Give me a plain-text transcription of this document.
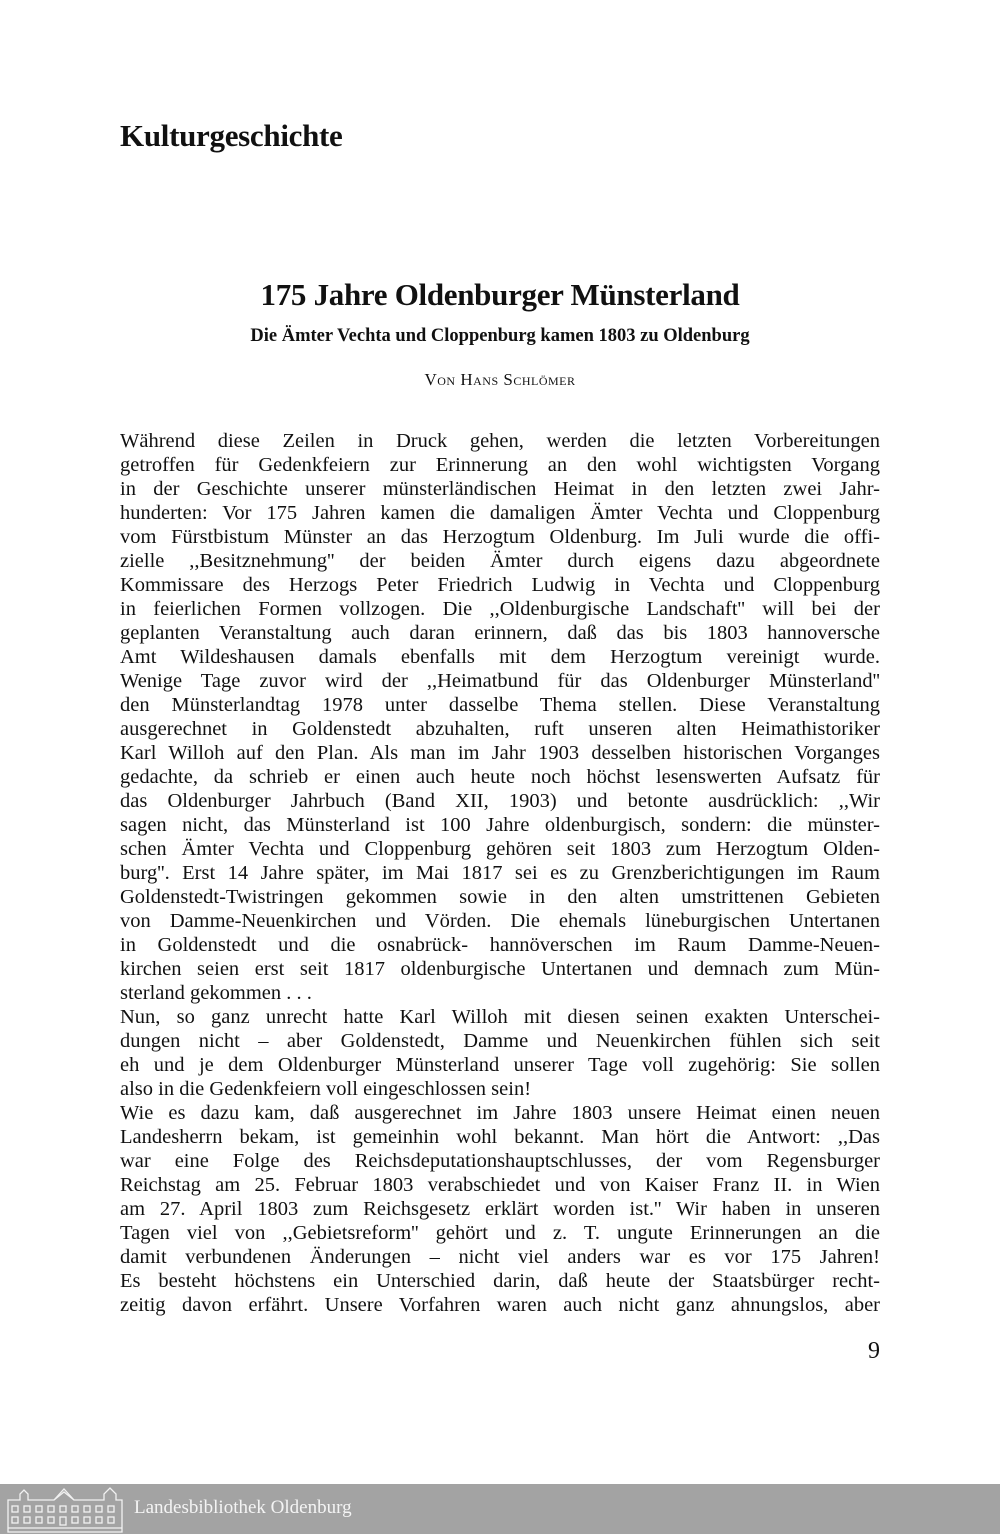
Kulturgeschichte
175 Jahre Oldenburger Münsterland
Die Ämter Vechta und Cloppenburg kamen 1803 zu Oldenburg
Von Hans Schlömer
Während diese Zeilen in Druck gehen, werden die letzten Vorbereitungen
getroffen für Gedenkfeiern zur Erinnerung an den wohl wichtigsten Vorgang
in der Geschichte unserer münsterländischen Heimat in den letzten zwei Jahr-
hunderten: Vor 175 Jahren kamen die damaligen Ämter Vechta und Cloppenburg
vom Fürstbistum Münster an das Herzogtum Oldenburg. Im Juli wurde die offi-
zielle ,,Besitznehmung'' der beiden Ämter durch eigens dazu abgeordnete
Kommissare des Herzogs Peter Friedrich Ludwig in Vechta und Cloppenburg
in feierlichen Formen vollzogen. Die ,,Oldenburgische Landschaft'' will bei der
geplanten Veranstaltung auch daran erinnern, daß das bis 1803 hannoversche
Amt Wildeshausen damals ebenfalls mit dem Herzogtum vereinigt wurde.
Wenige Tage zuvor wird der ,,Heimatbund für das Oldenburger Münsterland''
den Münsterlandtag 1978 unter dasselbe Thema stellen. Diese Veranstaltung
ausgerechnet in Goldenstedt abzuhalten, ruft unseren alten Heimathistoriker
Karl Willoh auf den Plan. Als man im Jahr 1903 desselben historischen Vorganges
gedachte, da schrieb er einen auch heute noch höchst lesenswerten Aufsatz für
das Oldenburger Jahrbuch (Band XII, 1903) und betonte ausdrücklich: ,,Wir
sagen nicht, das Münsterland ist 100 Jahre oldenburgisch, sondern: die münster-
schen Ämter Vechta und Cloppenburg gehören seit 1803 zum Herzogtum Olden-
burg''. Erst 14 Jahre später, im Mai 1817 sei es zu Grenzberichtigungen im Raum
Goldenstedt-Twistringen gekommen sowie in den alten umstrittenen Gebieten
von Damme-Neuenkirchen und Vörden. Die ehemals lüneburgischen Untertanen
in Goldenstedt und die osnabrück- hannöverschen im Raum Damme-Neuen-
kirchen seien erst seit 1817 oldenburgische Untertanen und demnach zum Mün-
sterland gekommen . . .
Nun, so ganz unrecht hatte Karl Willoh mit diesen seinen exakten Unterschei-
dungen nicht – aber Goldenstedt, Damme und Neuenkirchen fühlen sich seit
eh und je dem Oldenburger Münsterland unserer Tage voll zugehörig: Sie sollen
also in die Gedenkfeiern voll eingeschlossen sein!
Wie es dazu kam, daß ausgerechnet im Jahre 1803 unsere Heimat einen neuen
Landesherrn bekam, ist gemeinhin wohl bekannt. Man hört die Antwort: ,,Das
war eine Folge des Reichsdeputationshauptschlusses, der vom Regensburger
Reichstag am 25. Februar 1803 verabschiedet und von Kaiser Franz II. in Wien
am 27. April 1803 zum Reichsgesetz erklärt worden ist.'' Wir haben in unseren
Tagen viel von ,,Gebietsreform'' gehört und z. T. ungute Erinnerungen an die
damit verbundenen Änderungen – nicht viel anders war es vor 175 Jahren!
Es besteht höchstens ein Unterschied darin, daß heute der Staatsbürger recht-
zeitig davon erfährt. Unsere Vorfahren waren auch nicht ganz ahnungslos, aber
9
Landesbibliothek Oldenburg
